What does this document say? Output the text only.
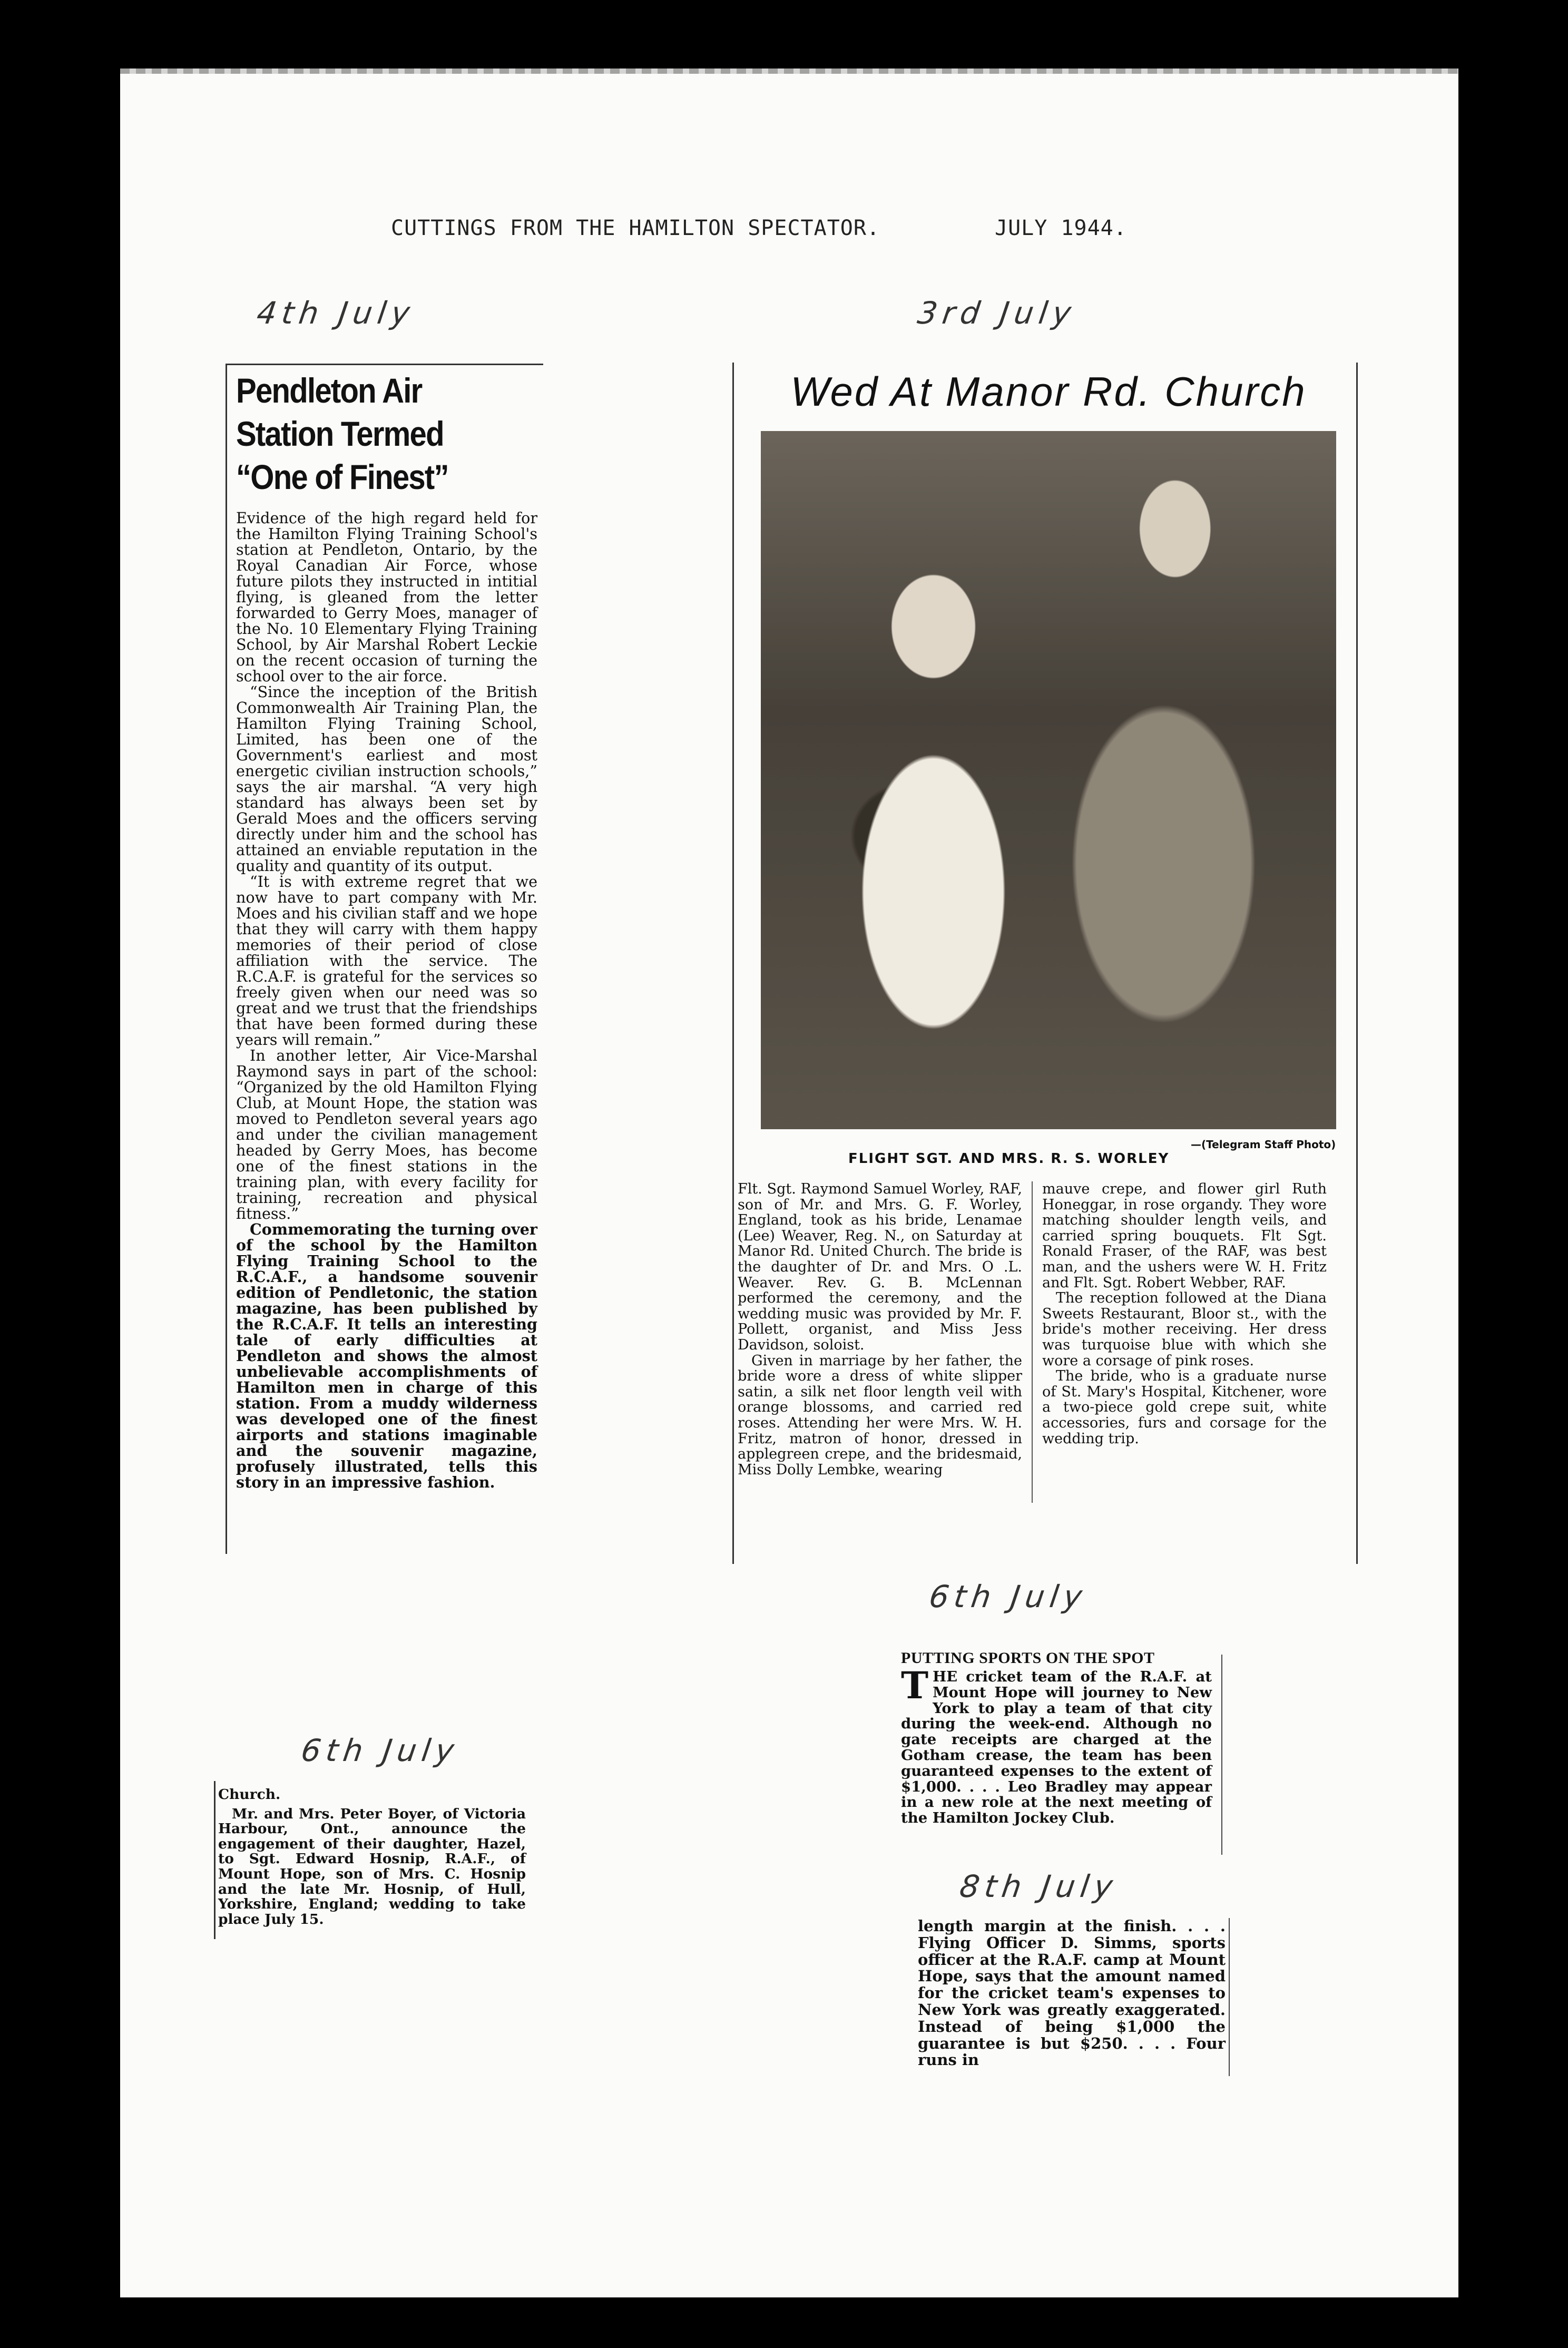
CUTTINGS FROM THE HAMILTON SPECTATOR.	JULY 1944.
4th July	3rd July
6th July
6th July
8th July
Pendleton Air
Station Termed
“One of Finest”

Evidence of the high regard held for the Hamilton Flying Training School's station at Pendleton, Ontario, by the Royal Canadian Air Force, whose future pilots they instructed in intitial flying, is gleaned from the letter forwarded to Gerry Moes, manager of the No. 10 Elementary Flying Training School, by Air Marshal Robert Leckie on the recent occasion of turning the school over to the air force.

“Since the inception of the British Commonwealth Air Training Plan, the Hamilton Flying Training School, Limited, has been one of the Government's earliest and most energetic civilian instruction schools,” says the air marshal. “A very high standard has always been set by Gerald Moes and the officers serving directly under him and the school has attained an enviable reputation in the quality and quantity of its output.

“It is with extreme regret that we now have to part company with Mr. Moes and his civilian staff and we hope that they will carry with them happy memories of their period of close affiliation with the service. The R.C.A.F. is grateful for the services so freely given when our need was so great and we trust that the friendships that have been formed during these years will remain.”

In another letter, Air Vice-Marshal Raymond says in part of the school: “Organized by the old Hamilton Flying Club, at Mount Hope, the station was moved to Pendleton several years ago and under the civilian management headed by Gerry Moes, has become one of the finest stations in the training plan, with every facility for training, recreation and physical fitness.”

Commemorating the turning over of the school by the Hamilton Flying Training School to the R.C.A.F., a handsome souvenir edition of Pendletonic, the station magazine, has been published by the R.C.A.F. It tells an interesting tale of early difficulties at Pendleton and shows the almost unbelievable accomplishments of Hamilton men in charge of this station. From a muddy wilderness was developed one of the finest airports and stations imaginable and the souvenir magazine, profusely illustrated, tells this story in an impressive fashion.

Wed At Manor Rd. Church
—(Telegram Staff Photo)
FLIGHT SGT. AND MRS. R. S. WORLEY

Flt. Sgt. Raymond Samuel Worley, RAF, son of Mr. and Mrs. G. F. Worley, England, took as his bride, Lenamae (Lee) Weaver, Reg. N., on Saturday at Manor Rd. United Church. The bride is the daughter of Dr. and Mrs. O .L. Weaver. Rev. G. B. McLennan performed the ceremony, and the wedding music was provided by Mr. F. Pollett, organist, and Miss Jess Davidson, soloist.

Given in marriage by her father, the bride wore a dress of white slipper satin, a silk net floor length veil with orange blossoms, and carried red roses. Attending her were Mrs. W. H. Fritz, matron of honor, dressed in applegreen crepe, and the bridesmaid, Miss Dolly Lembke, wearing

mauve crepe, and flower girl Ruth Honeggar, in rose organdy. They wore matching shoulder length veils, and carried spring bouquets. Flt Sgt. Ronald Fraser, of the RAF, was best man, and the ushers were W. H. Fritz and Flt. Sgt. Robert Webber, RAF.

The reception followed at the Diana Sweets Restaurant, Bloor st., with the bride's mother receiving. Her dress was turquoise blue with which she wore a corsage of pink roses.

The bride, who is a graduate nurse of St. Mary's Hospital, Kitchener, wore a two-piece gold crepe suit, white accessories, furs and corsage for the wedding trip.

Church.

Mr. and Mrs. Peter Boyer, of Victoria Harbour, Ont., announce the engagement of their daughter, Hazel, to Sgt. Edward Hosnip, R.A.F., of Mount Hope, son of Mrs. C. Hosnip and the late Mr. Hosnip, of Hull, Yorkshire, England; wedding to take place July 15.

PUTTING SPORTS ON THE SPOT
T HE cricket team of the R.A.F. at Mount Hope will journey to New York to play a team of that city during the week-end. Although no gate receipts are charged at the Gotham crease, the team has been guaranteed expenses to the extent of $1,000. . . . Leo Bradley may appear in a new role at the next meeting of the Hamilton Jockey Club.

length margin at the finish. . . . Flying Officer D. Simms, sports officer at the R.A.F. camp at Mount Hope, says that the amount named for the cricket team's expenses to New York was greatly exaggerated. Instead of being $1,000 the guarantee is but $250. . . . Four runs in
